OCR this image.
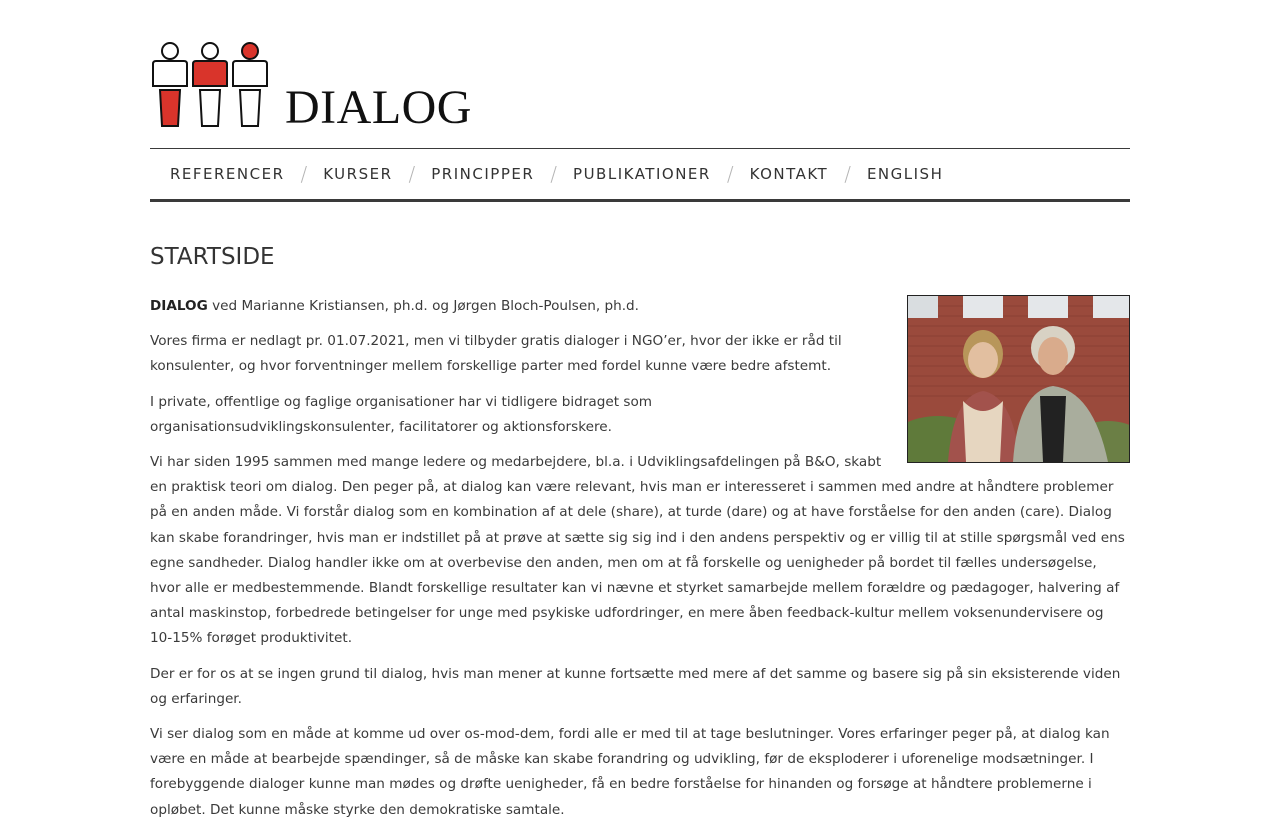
DIALOG
REFERENCER /	KURSER /	PRINCIPPER /	PUBLIKATIONER /	KONTAKT /	ENGLISH
STARTSIDE

DIALOG ved Marianne Kristiansen, ph.d. og Jørgen Bloch-Poulsen, ph.d.

Vores firma er nedlagt pr. 01.07.2021, men vi tilbyder gratis dialoger i NGO’er, hvor der ikke er råd til konsulenter, og hvor forventninger mellem forskellige parter med fordel kunne være bedre afstemt.

I private, offentlige og faglige organisationer har vi tidligere bidraget som organisationsudviklingskonsulenter, facilitatorer og aktionsforskere.

Vi har siden 1995 sammen med mange ledere og medarbejdere, bl.a. i Udviklingsafdelingen på B&O, skabt en praktisk teori om dialog. Den peger på, at dialog kan være relevant, hvis man er interesseret i sammen med andre at håndtere problemer på en anden måde. Vi forstår dialog som en kombination af at dele (share), at turde (dare) og at have forståelse for den anden (care). Dialog kan skabe forandringer, hvis man er indstillet på at prøve at sætte sig sig ind i den andens perspektiv og er villig til at stille spørgsmål ved ens egne sandheder. Dialog handler ikke om at overbevise den anden, men om at få forskelle og uenigheder på bordet til fælles undersøgelse, hvor alle er medbestemmende. Blandt forskellige resultater kan vi nævne et styrket samarbejde mellem forældre og pædagoger, halvering af antal maskinstop, forbedrede betingelser for unge med psykiske udfordringer, en mere åben feedback-kultur mellem voksenundervisere og 10-15% forøget produktivitet.

Der er for os at se ingen grund til dialog, hvis man mener at kunne fortsætte med mere af det samme og basere sig på sin eksisterende viden og erfaringer.

Vi ser dialog som en måde at komme ud over os-mod-dem, fordi alle er med til at tage beslutninger. Vores erfaringer peger på, at dialog kan være en måde at bearbejde spændinger, så de måske kan skabe forandring og udvikling, før de eksploderer i uforenelige modsætninger. I forebyggende dialoger kunne man mødes og drøfte uenigheder, få en bedre forståelse for hinanden og forsøge at håndtere problemerne i opløbet. Det kunne måske styrke den demokratiske samtale.
